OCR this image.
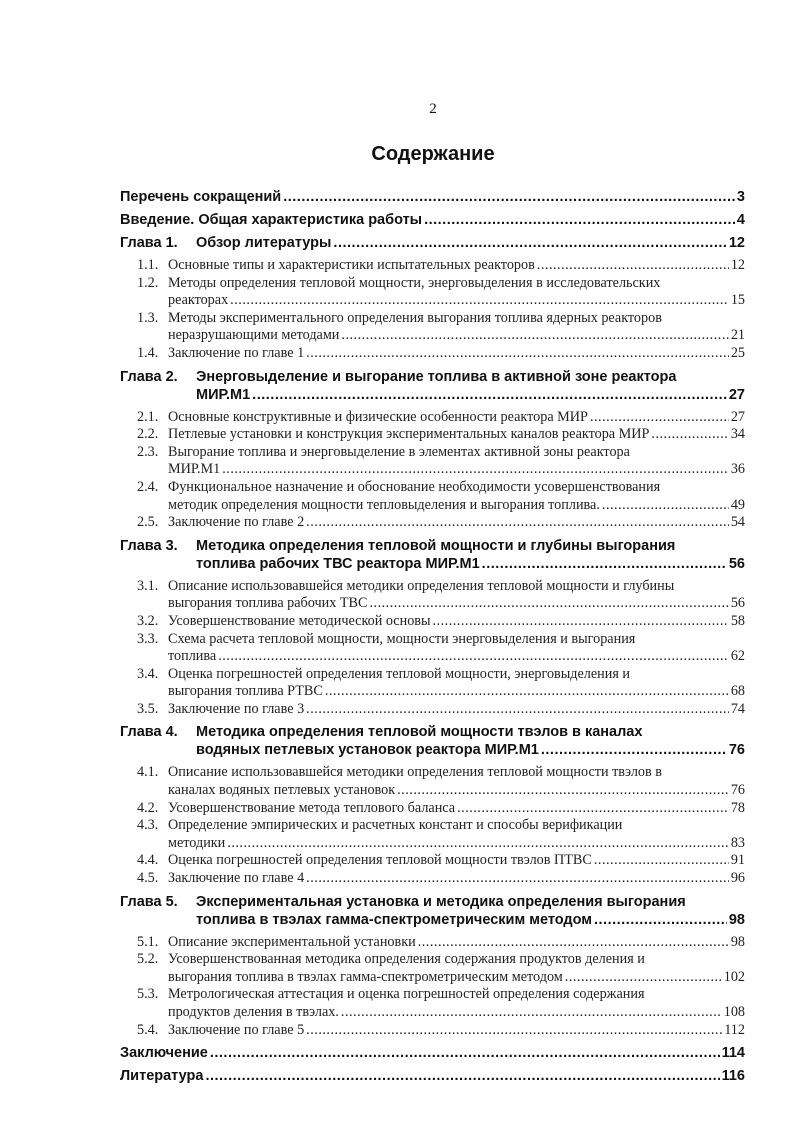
2
Содержание
Перечень сокращений .....	3
Введение. Общая характеристика работы .....	4
Глава 1.	Обзор литературы .....	12
1.1. Основные типы и характеристики испытательных реакторов .....	12
1.2. Методы определения тепловой мощности, энерговыделения в исследовательских
реакторах .....	15
1.3. Методы экспериментального определения выгорания топлива ядерных реакторов
неразрушающими методами .....	21
1.4. Заключение по главе 1 .....	25
Глава 2.	Энерговыделение и выгорание топлива в активной зоне реактора
МИР.М1 .....	27
2.1. Основные конструктивные и физические особенности реактора МИР .....	27
2.2. Петлевые установки и конструкция экспериментальных каналов реактора МИР .....	34
2.3. Выгорание топлива и энерговыделение в элементах активной зоны реактора
МИР.М1 .....	36
2.4. Функциональное назначение и обоснование необходимости усовершенствования
методик определения мощности тепловыделения и выгорания топлива. .....	49
2.5. Заключение по главе 2 .....	54
Глава 3.	Методика определения тепловой мощности и глубины выгорания
топлива рабочих ТВС реактора МИР.М1 .....	56
3.1. Описание использовавшейся методики определения тепловой мощности и глубины
выгорания топлива рабочих ТВС .....	56
3.2. Усовершенствование методической основы .....	58
3.3. Схема расчета тепловой мощности, мощности энерговыделения и выгорания
топлива .....	62
3.4. Оценка погрешностей определения тепловой мощности, энерговыделения и
выгорания топлива РТВС .....	68
3.5. Заключение по главе 3 .....	74
Глава 4.	Методика определения тепловой мощности твэлов в каналах
водяных петлевых установок реактора МИР.М1 .....	76
4.1. Описание использовавшейся методики определения тепловой мощности твэлов в
каналах водяных петлевых установок .....	76
4.2. Усовершенствование метода теплового баланса .....	78
4.3. Определение эмпирических и расчетных констант и способы верификации
методики .....	83
4.4. Оценка погрешностей определения тепловой мощности твэлов ПТВС .....	91
4.5. Заключение по главе 4 .....	96
Глава 5.	Экспериментальная установка и методика определения выгорания
топлива в твэлах гамма-спектрометрическим методом .....	98
5.1. Описание экспериментальной установки .....	98
5.2. Усовершенствованная методика определения содержания продуктов деления и
выгорания топлива в твэлах гамма-спектрометрическим методом .....	102
5.3. Метрологическая аттестация и оценка погрешностей определения содержания
продуктов деления в твэлах. .....	108
5.4. Заключение по главе 5 .....	112
Заключение .....	114
Литература .....	116
